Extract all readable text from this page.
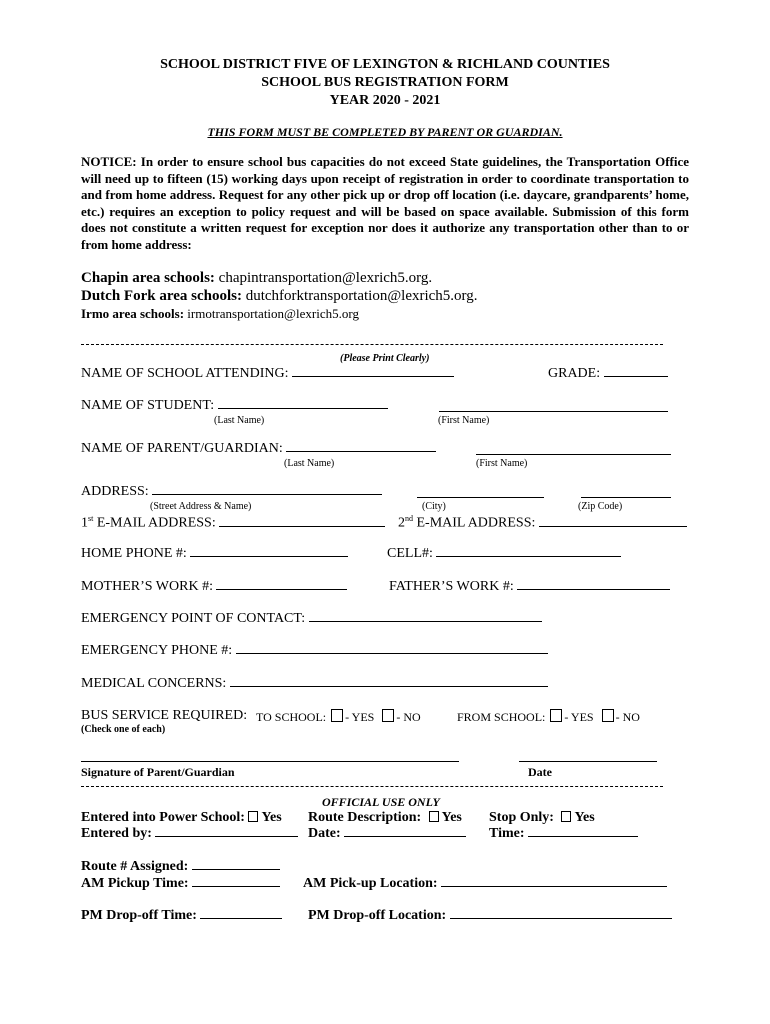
SCHOOL DISTRICT FIVE OF LEXINGTON & RICHLAND COUNTIES
SCHOOL BUS REGISTRATION FORM
YEAR 2020 - 2021
THIS FORM MUST BE COMPLETED BY PARENT OR GUARDIAN.
NOTICE: In order to ensure school bus capacities do not exceed State guidelines, the Transportation Office will need up to fifteen (15) working days upon receipt of registration in order to coordinate transportation to and from home address. Request for any other pick up or drop off location (i.e. daycare, grandparents’ home, etc.) requires an exception to policy request and will be based on space available. Submission of this form does not constitute a written request for exception nor does it authorize any transportation other than to or from home address:
Chapin area schools: chapintransportation@lexrich5.org.
Dutch Fork area schools: dutchforktransportation@lexrich5.org.
Irmo area schools: irmotransportation@lexrich5.org
(Please Print Clearly)
NAME OF SCHOOL ATTENDING:	GRADE:
NAME OF STUDENT:
(Last Name)	(First Name)
NAME OF PARENT/GUARDIAN:
(Last Name)	(First Name)
ADDRESS:
(Street Address & Name)	(City)	(Zip Code)
1st E-MAIL ADDRESS:	2nd E-MAIL ADDRESS:
HOME PHONE #:	CELL#:
MOTHER’S WORK #:	FATHER’S WORK #:
EMERGENCY POINT OF CONTACT:
EMERGENCY PHONE #:
MEDICAL CONCERNS:
BUS SERVICE REQUIRED: TO SCHOOL: - YES - NO	FROM SCHOOL: - YES - NO
(Check one of each)
Signature of Parent/Guardian	Date
OFFICIAL USE ONLY
Entered into Power School: Yes Route Description: Yes Stop Only: Yes
Entered by:	Date:	Time:
Route # Assigned:
AM Pickup Time:	AM Pick-up Location:
PM Drop-off Time:	PM Drop-off Location:
